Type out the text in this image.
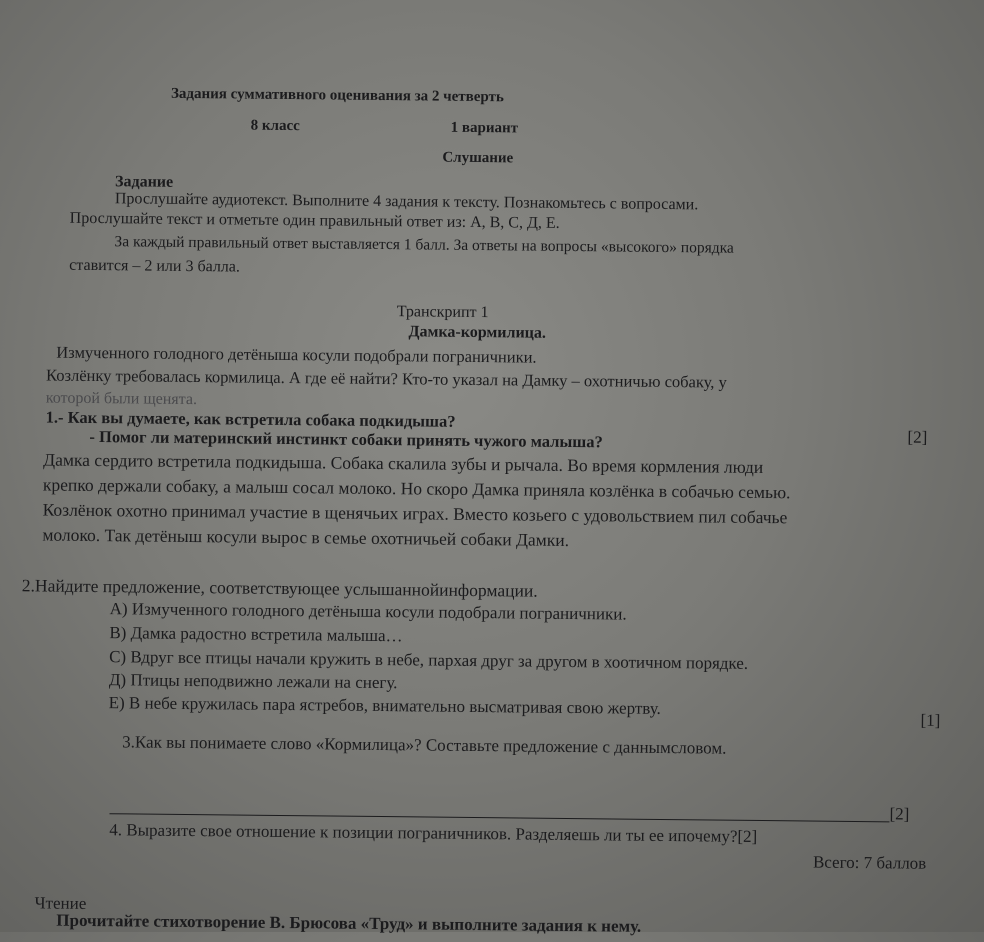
Задания суммативного оценивания за 2 четверть
8 класс	1 вариант
Слушание
Задание
Прослушайте аудиотекст. Выполните 4 задания к тексту. Познакомьтесь с вопросами.
Прослушайте текст и отметьте один правильный ответ из: А, В, С, Д, Е.
За каждый правильный ответ выставляется 1 балл. За ответы на вопросы «высокого» порядка
ставится – 2 или 3 балла.
Транскрипт 1
Дамка-кормилица.
Измученного голодного детёныша косули подобрали пограничники.
Козлёнку требовалась кормилица. А где её найти? Кто-то указал на Дамку – охотничью собаку, у
которой были щенята.
1.- Как вы думаете, как встретила собака подкидыша?
- Помог ли материнский инстинкт собаки принять чужого малыша?	[2]
Дамка сердито встретила подкидыша. Собака скалила зубы и рычала. Во время кормления люди
крепко держали собаку, а малыш сосал молоко. Но скоро Дамка приняла козлёнка в собачью семью.
Козлёнок охотно принимал участие в щенячьих играх. Вместо козьего с удовольствием пил собачье
молоко. Так детёныш косули вырос в семье охотничьей собаки Дамки.
2.Найдите предложение, соответствующее услышаннойинформации.
А) Измученного голодного детёныша косули подобрали пограничники.
В) Дамка радостно встретила малыша…
С) Вдруг все птицы начали кружить в небе, пархая друг за другом в хоотичном порядке.
Д) Птицы неподвижно лежали на снегу.
Е) В небе кружилась пара ястребов, внимательно высматривая свою жертву.
[1]
3.Как вы понимаете слово «Кормилица»? Составьте предложение с даннымсловом.
[2]
4. Выразите свое отношение к позиции пограничников. Разделяешь ли ты ее ипочему?[2]
Всего: 7 баллов
Чтение
Прочитайте стихотворение В. Брюсова «Труд» и выполните задания к нему.
